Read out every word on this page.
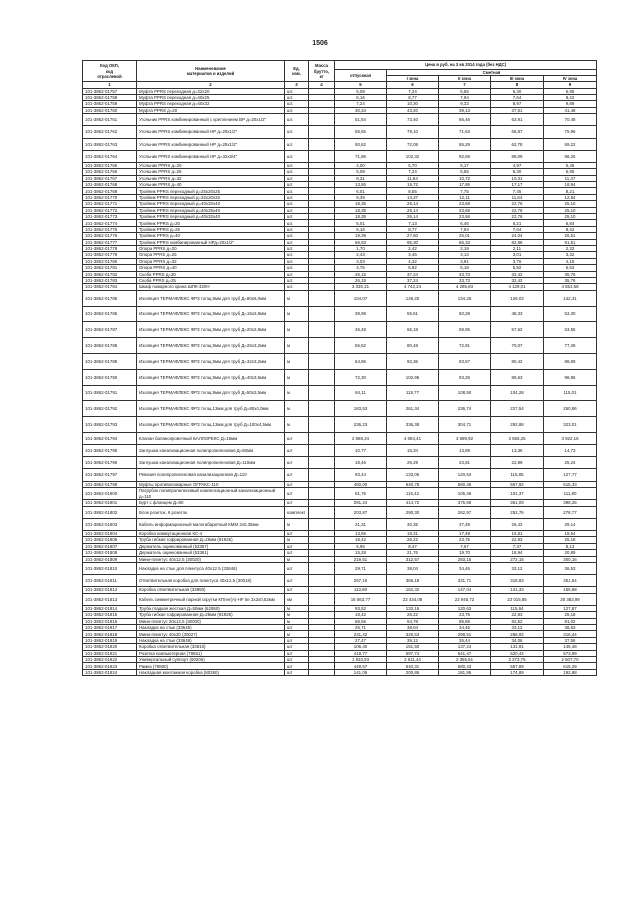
1506
Код ОКП,
код
отраслевой	Наименование
материалов и изделий	Ед.
изм.	Масса
брутто,
кг	Цена в руб. на 3 кв 2014 года (без НДС)				
				отпускная	Сметная			
					I зона	II зона	III зона	IV зона
1	2	3	4	5	6	7	8	9
101-3862-01757	Муфта PPRS переходная д=32х20	шт.		5,08	7,24	6,55	6,30	6,95
101-3862-01758	Муфта PPRS переходная д=40х25	шт.		6,16	8,77	7,94	7,64	8,42
101-3862-01759	Муфта PPRS переходная д=40х32	шт.		7,24	10,30	9,33	8,97	9,89
101-3862-01760	Муфта PPRS д=20	шт.		30,34	43,20	39,13	37,61	41,48
101-3862-01761	Угольник PPRS комбинированный с креплением ВР д=20х1/2"	шт.		51,54	73,40	66,46	63,91	70,48
101-3862-01762	Угольник PPRS комбинированный НР д=20х1/2"	шт.		55,55	79,10	71,63	68,87	75,96
101-3862-01763	Угольник PPRS комбинированный НР д=25х1/2"	шт.		50,62	72,08	65,29	62,78	69,22
101-3862-01764	Угольник PPRS комбинированный НР д=32х3/4"	шт.		71,86	102,32	92,69	89,09	98,25
101-3862-01765	Угольник PPRS д=20	шт.		4,00	5,70	5,17	4,97	5,48
101-3862-01766	Угольник PPRS д=25	шт.		5,08	7,24	6,55	6,30	6,95
101-3862-01767	Угольник PPRS д=32	шт.		8,31	11,84	10,72	10,31	11,37
101-3862-01768	Угольник PPRS д=40	шт.		13,85	19,72	17,86	17,17	18,94
101-3862-01769	Тройник PPRS переходный д=25х20х25	шт.		6,01	8,55	7,75	7,45	8,21
101-3862-01770	Тройник PPRS переходный д=32х20х32	шт.		9,39	13,37	12,11	11,64	12,84
101-3862-01771	Тройник PPRS переходный д=40х20х40	шт.		18,35	26,14	23,68	22,76	25,10
101-3862-01772	Тройник PPRS переходный д=40х25х40	шт.		18,35	26,14	23,68	22,76	25,10
101-3862-01773	Тройник PPRS переходный д=40х32х40	шт.		18,35	26,14	23,68	22,76	25,10
101-3862-01774	Тройник PPRS д=20	шт.		5,01	7,13	6,46	6,21	6,84
101-3862-01775	Тройник PPRS д=25	шт.		6,16	8,77	7,94	7,64	8,42
101-3862-01776	Тройник PPRS д=40	шт.		19,39	27,60	25,01	24,04	26,51
101-3862-01777	Тройник PPRS комбинированный НРд=20х1/2"	шт.		66,93	95,30	86,33	82,98	91,51
101-3862-01778	Опора PPRS д=20	шт.		1,70	2,42	2,19	2,11	2,32
101-3862-01779	Опора PPRS д=25	шт.		2,43	3,46	3,13	3,01	3,32
101-3862-01780	Опора PPRS д=32	шт.		3,03	4,32	3,91	3,76	4,15
101-3862-01781	Опора PPRS д=40	шт.		4,76	6,82	6,18	5,92	6,53
101-3862-01782	Скоба PPRS д=20	шт.		26,15	37,24	33,73	32,42	35,76
101-3862-01783	Скоба PPRS д=25	шт.		26,15	37,24	33,73	32,42	35,76
101-3862-01784	Шкаф пожарного крана ШПК-320Н	шт.		3 330,31	4 742,24	4 295,83	4 129,01	4 553,58
101-3862-01785	Изоляция ТЕРМАФЛЕКС ФРЗ толщ.9мм для труб Д=80х6,0мм	м		104,07	148,20	134,25	129,03	142,31
101-3862-01786	Изоляция ТЕРМАФЛЕКС ФРЗ толщ.9мм для труб Д=15х2,8мм	м		38,98	55,51	50,28	48,33	53,30
101-3862-01787	Изоляция ТЕРМАФЛЕКС ФРЗ толщ.9мм для труб Д=20х2,8мм	м		46,48	66,18	59,95	57,62	63,55
101-3862-01788	Изоляция ТЕРМАФЛЕКС ФРЗ толщ.9мм для труб Д=25х3,2мм	м		56,52	80,48	72,91	70,07	77,28
101-3862-01789	Изоляция ТЕРМАФЛЕКС ФРЗ толщ.9мм для труб Д=32х3,2мм	м		64,86	92,36	83,67	80,42	88,69
101-3862-01790	Изоляция ТЕРМАФЛЕКС ФРЗ толщ.9мм для труб Д=40х3,5мм	м		72,30	102,95	93,25	89,63	98,86
101-3862-01791	Изоляция ТЕРМАФЛЕКС ФРЗ толщ.9мм для труб Д=50х3,5мм	м		84,11	119,77	108,50	104,28	115,01
101-3862-01792	Изоляция ТЕРМАФЛЕКС ФРЗ толщ.13мм для труб Д=80х4,0мм	м		183,53	261,34	236,74	227,54	250,96
101-3862-01793	Изоляция ТЕРМАФЛЕКС ФРЗ толщ.13мм для труб Д=100х4,5мм	м		236,23	336,38	304,71	292,88	323,01
101-3862-01794	Клапан балансировочный БАЛЛОРЕКС Д=15мм	шт		2 868,34	4 084,41	3 699,92	3 556,25	3 922,16
101-3862-01795	Заглушка канализационная полипропиленовая Д=50мм	шт		10,77	15,34	13,89	13,35	14,73
101-3862-01796	Заглушка канализационная полипропиленовая Д=110мм	шт		18,46	26,29	23,81	22,89	25,24
101-3862-01797	Ревизия полипропиленовая канализационная Д=110	шт		93,44	133,06	120,53	115,85	127,77
101-3862-01798	Муфты противопожарные ОГРАКС-110	шт		450,00	640,78	580,46	557,92	615,33
101-3862-01800	Патрубок полипропиленовый компенсационный канализационный д=110	шт		81,76	116,42	105,46	101,37	111,80
101-3862-01801	Бурт с фланцем Д=90	шт		291,24	414,72	375,68	361,09	398,25
101-3862-01802	Блок розеток, 6 розеток	комплект		203,87	290,30	262,97	252,76	278,77
101-3862-01803	Кабель информационный малогабаритный КММ 2х0,35мм	м		21,31	30,35	27,49	26,42	29,14
101-3862-01804	Коробка коммутационная КС-4	шт		13,56	19,31	17,49	16,81	18,54
101-3862-01805	Труба гибкая гофрированная Д=25мм (91925)	м		18,42	26,22	23,75	22,83	25,18
101-3862-01807	Держатель оцинкованный (53357)	шт		5,95	8,47	7,67	7,37	8,13
101-3862-01808	Держатель оцинкованный (53361)	шт		15,28	21,76	19,70	18,94	20,89
101-3862-01809	Мини-плинтус 40х12,5 (30020)	м		219,51	312,57	283,15	272,15	300,16
101-3862-01810	Накладка на стык для плинтуса 40х12.5 (33646)	шт		29,71	38,04	34,46	33,12	36,53
101-3862-01811	Ответвительная коробка для плинтуса 40х12.5 (30018)	шт		257,16	366,18	331,71	318,83	351,64
101-3862-01812	Коробка ответвительная (33850)	шт		113,80	162,32	147,04	141,33	155,88
101-3862-01813	Кабель симметричный парной скрутки КПпнг(А)-НF 5е 2х2х0,52мм	км		16 563,77	23 434,08	23 945,72	23 015,85	25 383,99
101-3862-01814	Труба гладкая жесткая Д=50мм (62950)	м		93,52	133,16	120,63	115,94	127,87
101-3862-01815	Труба гибкая гофрированная Д=25мм (91925)	м		18,42	26,22	23,75	22,83	25,18
101-3862-01816	Мини-плинтус 20х12,5 (30000)	м		66,56	94,78	85,86	82,52	91,02
101-3862-01817	Накладка на стык (33645)	шт		26,71	38,04	34,46	33,12	36,53
101-3862-01818	Мини-плинтус 40х20 (30027)	м		231,42	329,53	298,51	286,92	316,44
101-3862-01819	Накладка на стык (33648)	шт		27,47	39,12	35,44	34,06	37,56
101-3862-01820	Коробка ответвительная (33810)	шт		106,40	151,50	137,24	131,91	145,48
101-3862-01821	Розетка компьютерная (79651)	шт		419,77	597,74	541,47	520,44	573,99
101-3862-01822	Универсальный суппорт (60206)	шт		1 833,93	2 611,44	2 365,61	2 273,75	2 507,70
101-3862-01823	Рамка (78800)	шт		449,67	640,31	580,43	557,89	615,29
101-3862-01824	Накладная монтажная коробка (80260)	шт		141,06	200,86	181,95	174,89	192,88
